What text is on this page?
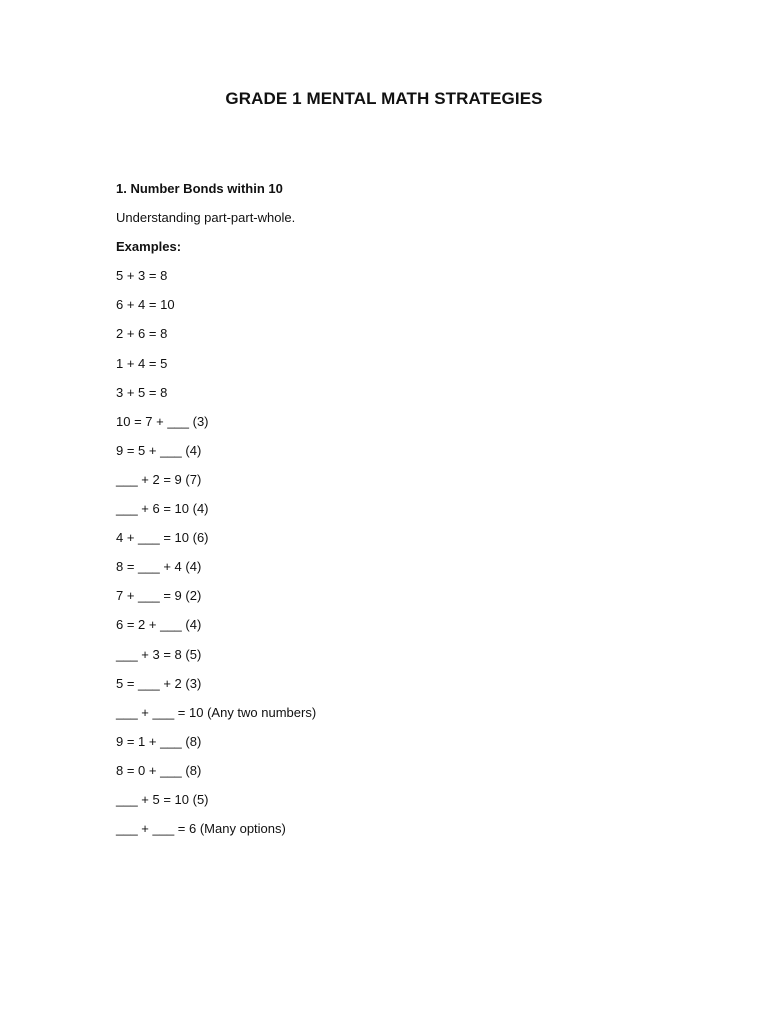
GRADE 1 MENTAL MATH STRATEGIES
1. Number Bonds within 10
Understanding part-part-whole.
Examples:
5 + 3 = 8
6 + 4 = 10
2 + 6 = 8
1 + 4 = 5
3 + 5 = 8
10 = 7 + ___ (3)
9 = 5 + ___ (4)
___ + 2 = 9 (7)
___ + 6 = 10 (4)
4 + ___ = 10 (6)
8 = ___ + 4 (4)
7 + ___ = 9 (2)
6 = 2 + ___ (4)
___ + 3 = 8 (5)
5 = ___ + 2 (3)
___ + ___ = 10 (Any two numbers)
9 = 1 + ___ (8)
8 = 0 + ___ (8)
___ + 5 = 10 (5)
___ + ___ = 6 (Many options)
